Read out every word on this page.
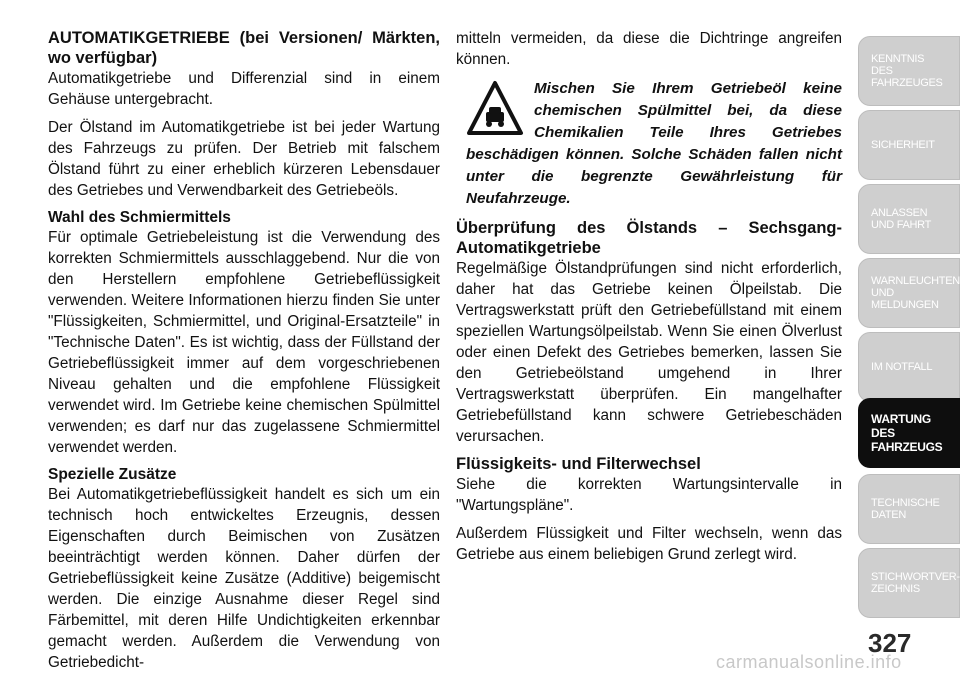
AUTOMATIKGETRIEBE (bei Versionen/ Märkten, wo verfügbar)

Automatikgetriebe und Differenzial sind in einem Gehäuse untergebracht.

Der Ölstand im Automatikgetriebe ist bei jeder Wartung des Fahrzeugs zu prüfen. Der Betrieb mit falschem Ölstand führt zu einer erheblich kürzeren Lebensdauer des Getriebes und Verwendbarkeit des Getriebeöls.

Wahl des Schmiermittels

Für optimale Getriebeleistung ist die Verwendung des korrekten Schmiermittels ausschlaggebend. Nur die von den Herstellern empfohlene Getriebeflüssigkeit verwenden. Weitere Informationen hierzu finden Sie unter "Flüssigkeiten, Schmiermittel, und Original-Ersatzteile" in "Technische Daten". Es ist wichtig, dass der Füllstand der Getriebeflüssigkeit immer auf dem vorgeschriebenen Niveau gehalten und die empfohlene Flüssigkeit verwendet wird. Im Getriebe keine chemischen Spülmittel verwenden; es darf nur das zugelassene Schmiermittel verwendet werden.

Spezielle Zusätze

Bei Automatikgetriebeflüssigkeit handelt es sich um ein technisch hoch entwickeltes Erzeugnis, dessen Eigenschaften durch Beimischen von Zusätzen beeinträchtigt werden können. Daher dürfen der Getriebeflüssigkeit keine Zusätze (Additive) beigemischt werden. Die einzige Ausnahme dieser Regel sind Färbemittel, mit deren Hilfe Undichtigkeiten erkennbar gemacht werden. Außerdem die Verwendung von Getriebedicht-

mitteln vermeiden, da diese die Dichtringe angreifen können.

Mischen Sie Ihrem Getriebeöl keine chemischen Spülmittel bei, da diese Chemikalien Teile Ihres Getriebes beschädigen können. Solche Schäden fallen nicht unter die begrenzte Gewährleistung für Neufahrzeuge.
Überprüfung des Ölstands – Sechsgang-Automatikgetriebe

Regelmäßige Ölstandprüfungen sind nicht erforderlich, daher hat das Getriebe keinen Ölpeilstab. Die Vertragswerkstatt prüft den Getriebefüllstand mit einem speziellen Wartungsölpeilstab. Wenn Sie einen Ölverlust oder einen Defekt des Getriebes bemerken, lassen Sie den Getriebeölstand umgehend in Ihrer Vertragswerkstatt überprüfen. Ein mangelhafter Getriebefüllstand kann schwere Getriebeschäden verursachen.

Flüssigkeits- und Filterwechsel

Siehe die korrekten Wartungsintervalle in "Wartungspläne".

Außerdem Flüssigkeit und Filter wechseln, wenn das Getriebe aus einem beliebigen Grund zerlegt wird.

KENNTNIS
DES
FAHRZEUGES
SICHERHEIT
ANLASSEN
UND FAHRT
WARNLEUCHTEN
UND
MELDUNGEN
IM NOTFALL
WARTUNG
DES
FAHRZEUGS
TECHNISCHE
DATEN
STICHWORTVER-
ZEICHNIS
327
carmanualsonline.info
